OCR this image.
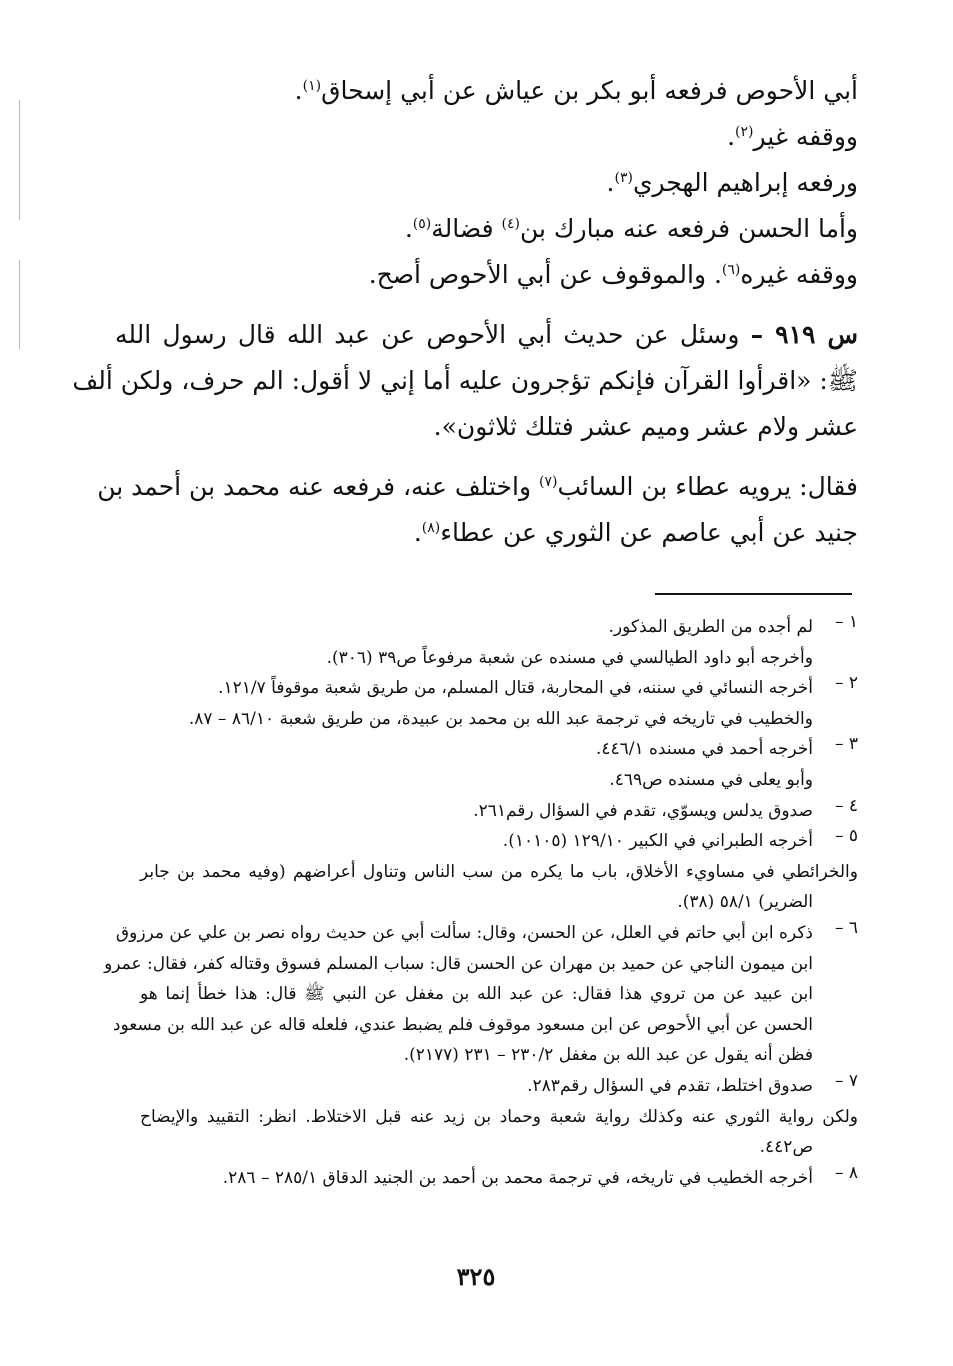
أبي الأحوص فرفعه أبو بكر بن عياش عن أبي إسحاق$^{(١)}$.
ووقفه غير$^{(٢)}$.
ورفعه إبراهيم الهجري$^{(٣)}$.
وأما الحسن فرفعه عنه مبارك بن$^{(٤)}$ فضالة$^{(٥)}$.
ووقفه غيره$^{(٦)}$. والموقوف عن أبي الأحوص أصح.
س ٩١٩ – وسئل عن حديث أبي الأحوص عن عبد الله قال رسول الله
ﷺ: «اقرأوا القرآن فإنكم تؤجرون عليه أما إني لا أقول: الم حرف، ولكن ألف
عشر ولام عشر وميم عشر فتلك ثلاثون».
فقال: يرويه عطاء بن السائب$^{(٧)}$ واختلف عنه، فرفعه عنه محمد بن أحمد بن
جنيد عن أبي عاصم عن الثوري عن عطاء$^{(٨)}$.
١ –
لم أجده من الطريق المذكور.
وأخرجه أبو داود الطيالسي في مسنده عن شعبة مرفوعاً ص٣٩ (٣٠٦).
٢ –
أخرجه النسائي في سننه، في المحاربة، قتال المسلم، من طريق شعبة موقوفاً ١٢١/٧.
والخطيب في تاريخه في ترجمة عبد الله بن محمد بن عبيدة، من طريق شعبة ٨٦/١٠ – ٨٧.
٣ –
أخرجه أحمد في مسنده ٤٤٦/١.
وأبو يعلى في مسنده ص٤٦٩.
٤ –
صدوق يدلس ويسوّي، تقدم في السؤال رقم٢٦١.
٥ –
أخرجه الطبراني في الكبير ١٢٩/١٠ (١٠١٠٥).
والخرائطي في مساويء الأخلاق، باب ما يكره من سب الناس وتناول أعراضهم (وفيه محمد بن جابر
الضرير) ٥٨/١ (٣٨).
٦ –
ذكره ابن أبي حاتم في العلل، عن الحسن، وقال: سألت أبي عن حديث رواه نصر بن علي عن مرزوق
ابن ميمون الناجي عن حميد بن مهران عن الحسن قال: سباب المسلم فسوق وقتاله كفر، فقال: عمرو
ابن عبيد عن من تروي هذا فقال: عن عبد الله بن مغفل عن النبي ﷺ قال: هذا خطأ إنما هو
الحسن عن أبي الأحوص عن ابن مسعود موقوف فلم يضبط عندي، فلعله قاله عن عبد الله بن مسعود
فظن أنه يقول عن عبد الله بن مغفل ٢٣٠/٢ – ٢٣١ (٢١٧٧).
٧ –
صدوق اختلط، تقدم في السؤال رقم٢٨٣.
ولكن رواية الثوري عنه وكذلك رواية شعبة وحماد بن زيد عنه قبل الاختلاط. انظر: التقييد والإيضاح
ص٤٤٢.
٨ –
أخرجه الخطيب في تاريخه، في ترجمة محمد بن أحمد بن الجنيد الدقاق ٢٨٥/١ – ٢٨٦.
٣٢٥
